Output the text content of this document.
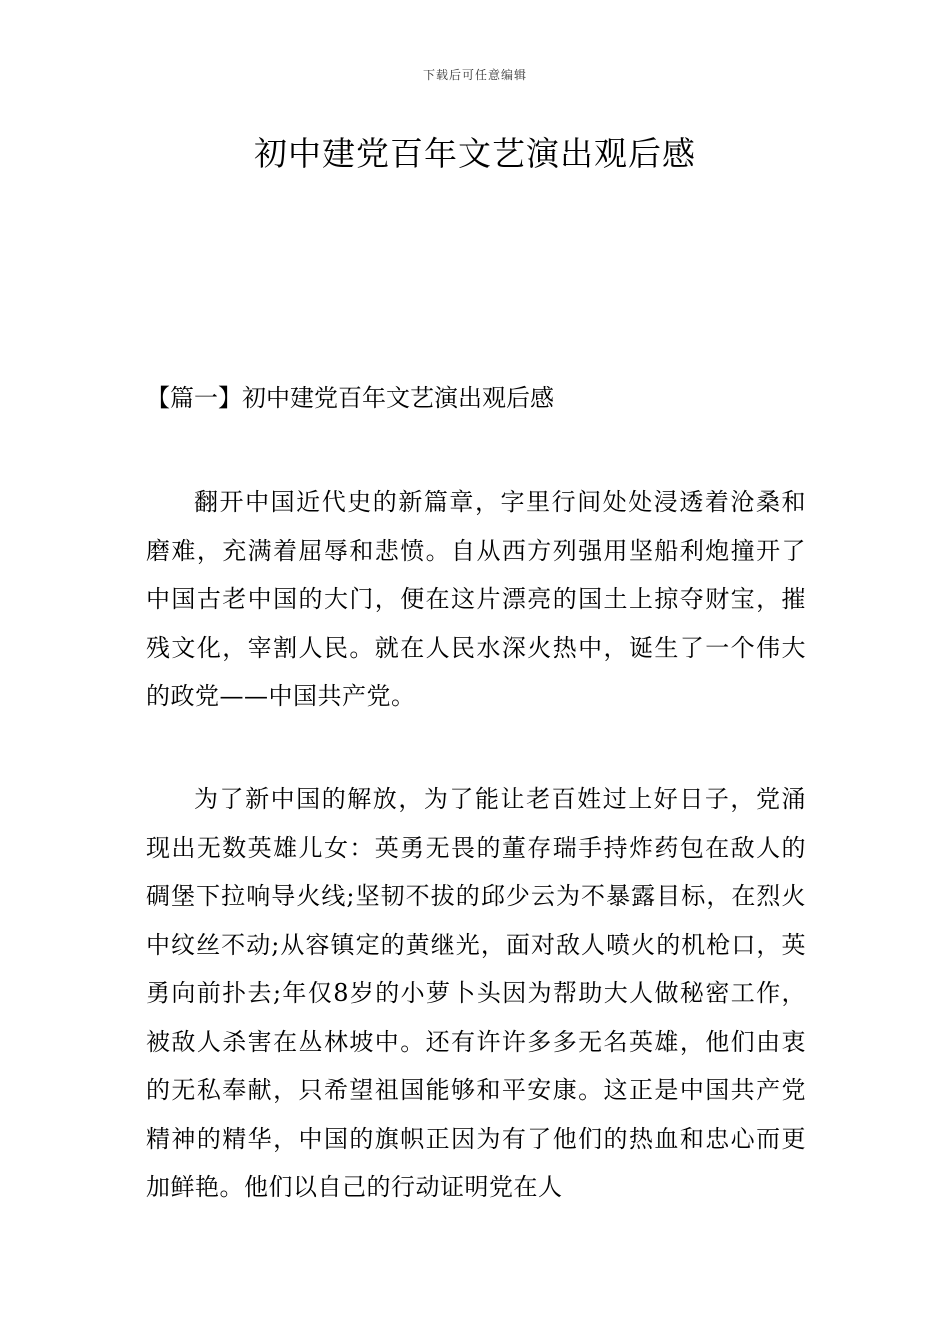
下载后可任意编辑
初中建党百年文艺演出观后感
【篇一】初中建党百年文艺演出观后感

翻开中国近代史的新篇章，字里行间处处浸透着沧桑和磨难，充满着屈辱和悲愤。自从西方列强用坚船利炮撞开了中国古老中国的大门，便在这片漂亮的国土上掠夺财宝，摧残文化，宰割人民。就在人民水深火热中，诞生了一个伟大的政党——中国共产党。

为了新中国的解放，为了能让老百姓过上好日子，党涌现出无数英雄儿女：英勇无畏的董存瑞手持炸药包在敌人的碉堡下拉响导火线;坚韧不拔的邱少云为不暴露目标，在烈火中纹丝不动;从容镇定的黄继光，面对敌人喷火的机枪口，英勇向前扑去;年仅8岁的小萝卜头因为帮助大人做秘密工作，被敌人杀害在丛林坡中。还有许许多多无名英雄，他们由衷的无私奉献，只希望祖国能够和平安康。这正是中国共产党精神的精华，中国的旗帜正因为有了他们的热血和忠心而更加鲜艳。他们以自己的行动证明党在人
